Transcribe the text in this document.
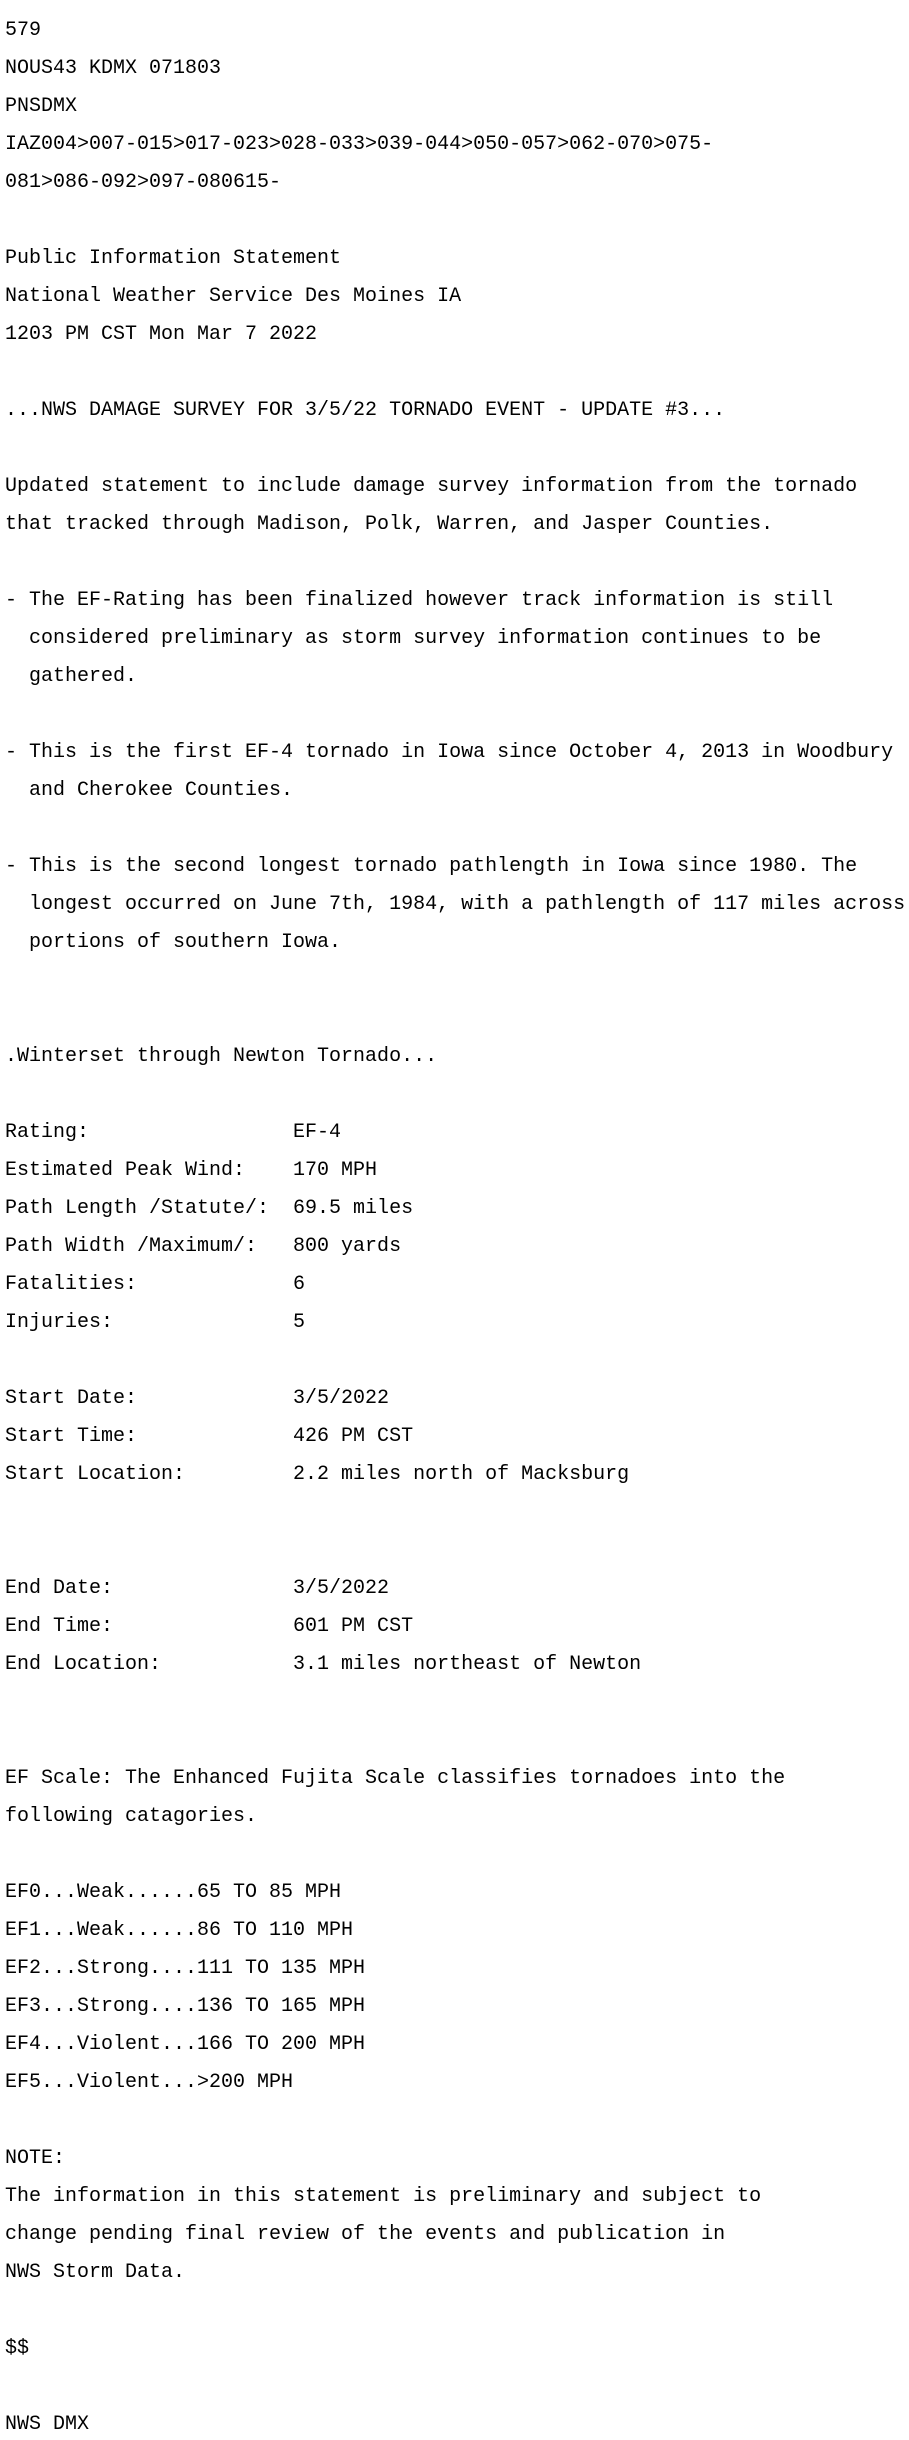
579

NOUS43 KDMX 071803

PNSDMX

IAZ004>007-015>017-023>028-033>039-044>050-057>062-070>075-

081>086-092>097-080615-

Public Information Statement

National Weather Service Des Moines IA

1203 PM CST Mon Mar 7 2022

...NWS DAMAGE SURVEY FOR 3/5/22 TORNADO EVENT - UPDATE #3...

Updated statement to include damage survey information from the tornado

that tracked through Madison, Polk, Warren, and Jasper Counties.

- The EF-Rating has been finalized however track information is still

considered preliminary as storm survey information continues to be

gathered.

- This is the first EF-4 tornado in Iowa since October 4, 2013 in Woodbury

and Cherokee Counties.

- This is the second longest tornado pathlength in Iowa since 1980. The

longest occurred on June 7th, 1984, with a pathlength of 117 miles across

portions of southern Iowa.

.Winterset through Newton Tornado...

Rating:                 EF-4

Estimated Peak Wind:    170 MPH

Path Length /Statute/:  69.5 miles

Path Width /Maximum/:   800 yards

Fatalities:             6

Injuries:               5

Start Date:             3/5/2022

Start Time:             426 PM CST

Start Location:         2.2 miles north of Macksburg

End Date:               3/5/2022

End Time:               601 PM CST

End Location:           3.1 miles northeast of Newton

EF Scale: The Enhanced Fujita Scale classifies tornadoes into the

following catagories.

EF0...Weak......65 TO 85 MPH

EF1...Weak......86 TO 110 MPH

EF2...Strong....111 TO 135 MPH

EF3...Strong....136 TO 165 MPH

EF4...Violent...166 TO 200 MPH

EF5...Violent...>200 MPH

NOTE:

The information in this statement is preliminary and subject to

change pending final review of the events and publication in

NWS Storm Data.

$$

NWS DMX
